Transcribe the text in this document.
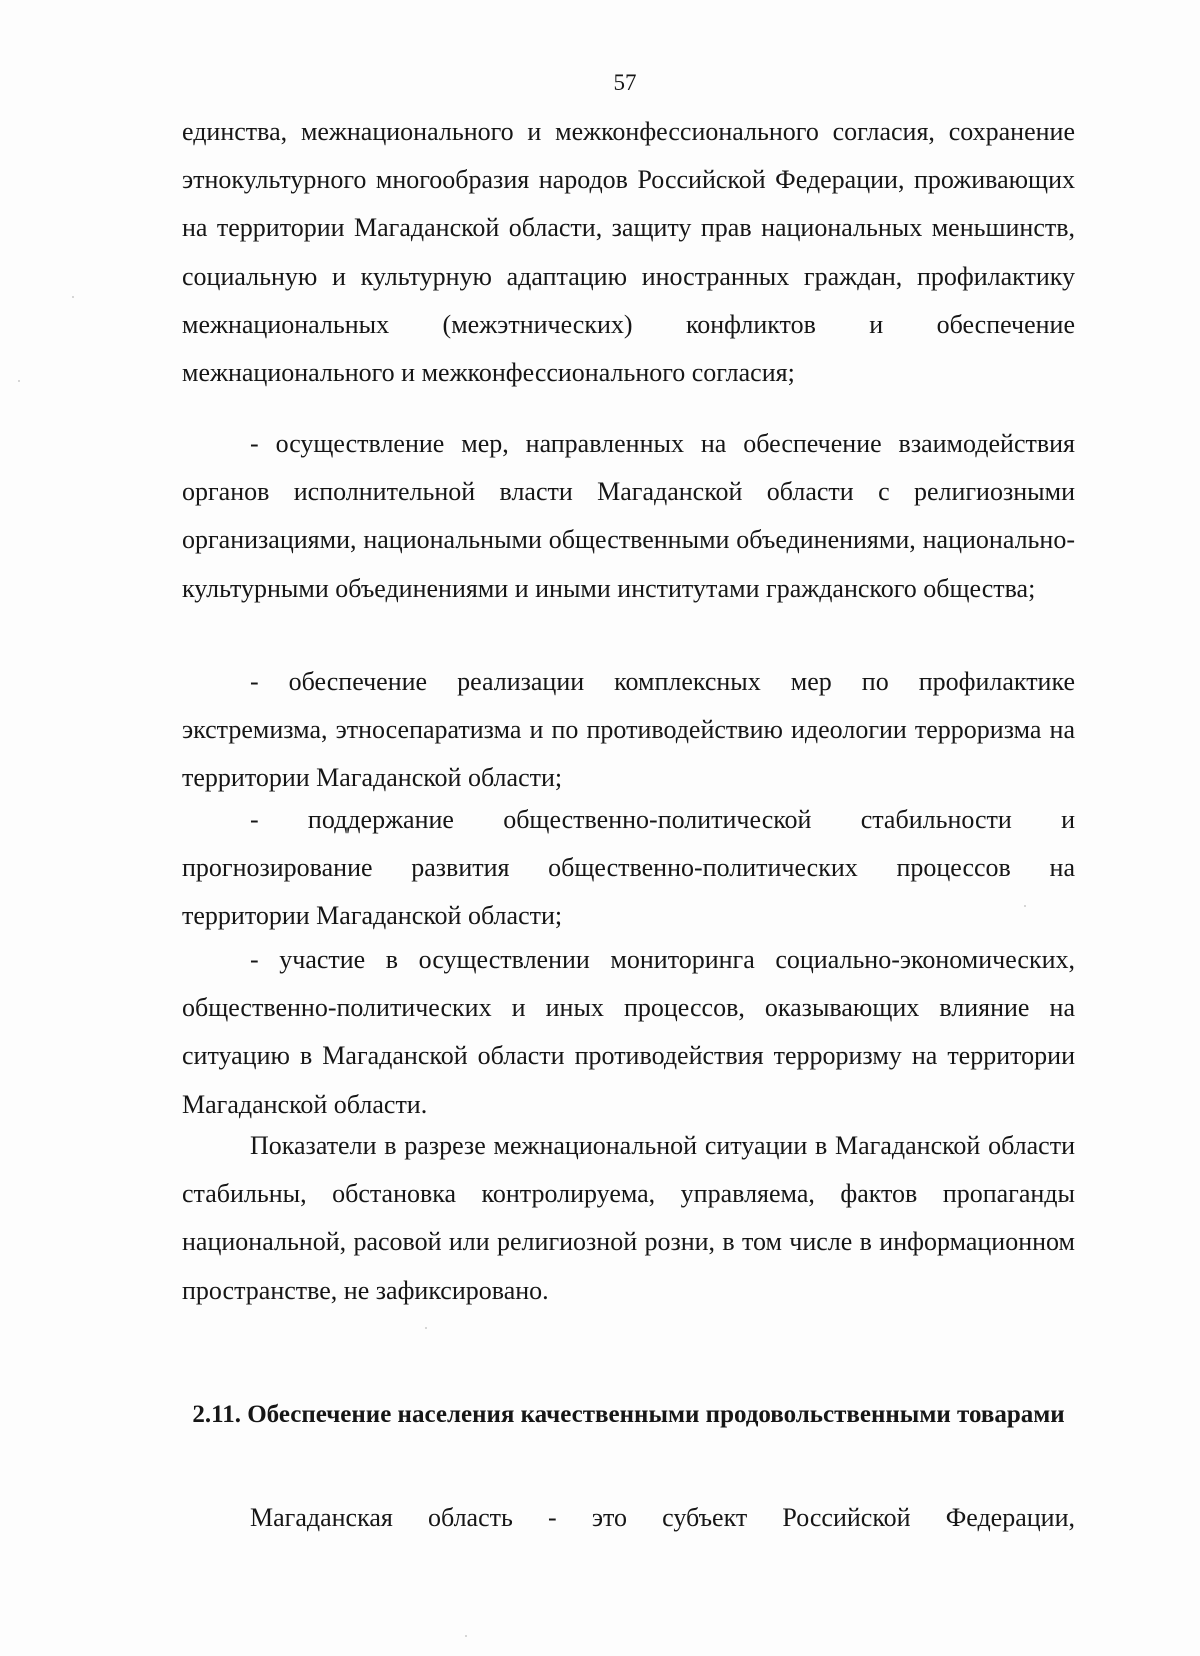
57

единства, межнационального и межконфессионального согласия, сохранение этнокультурного многообразия народов Российской Федерации, проживающих на территории Магаданской области, защиту прав национальных меньшинств, социальную и культурную адаптацию иностранных граждан, профилактику межнациональных (межэтнических) конфликтов и обеспечение межнационального и межконфессионального согласия;

- осуществление мер, направленных на обеспечение взаимодействия органов исполнительной власти Магаданской области с религиозными организациями, национальными общественными объединениями, национально-культурными объединениями и иными институтами гражданского общества;

- обеспечение реализации комплексных мер по профилактике экстремизма, этносепаратизма и по противодействию идеологии терроризма на территории Магаданской области;

- поддержание общественно-политической стабильности и прогнозирование развития общественно-политических процессов на территории Магаданской области;

- участие в осуществлении мониторинга социально-экономических, общественно-политических и иных процессов, оказывающих влияние на ситуацию в Магаданской области противодействия терроризму на территории Магаданской области.

Показатели в разрезе межнациональной ситуации в Магаданской области стабильны, обстановка контролируема, управляема, фактов пропаганды национальной, расовой или религиозной розни, в том числе в информационном пространстве, не зафиксировано.

2.11. Обеспечение населения качественными продовольственными товарами

Магаданская область - это субъект Российской Федерации,
